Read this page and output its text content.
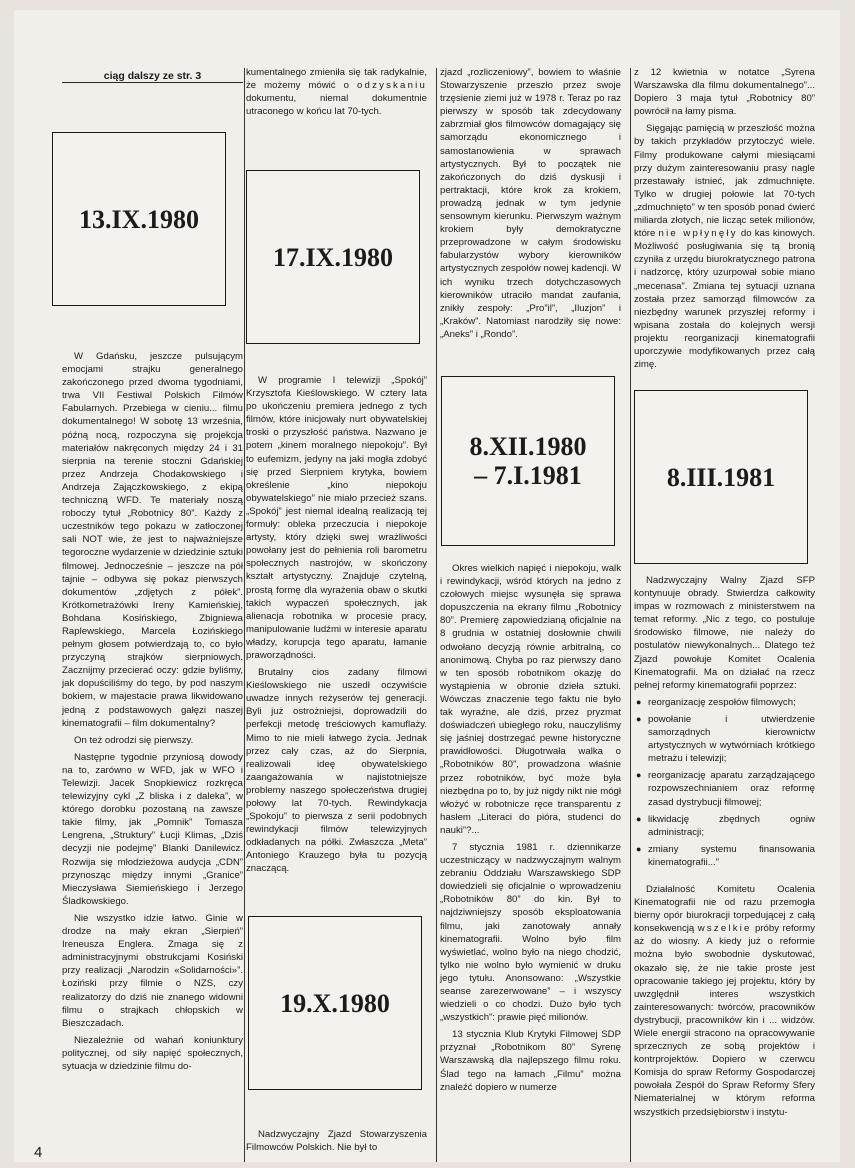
ciąg dalszy ze str. 3
13.IX.1980
17.IX.1980
8.XII.1980
– 7.I.1981	8.III.1981
19.X.1980

W Gdańsku, jeszcze pulsującym emocjami strajku generalnego zakończonego przed dwoma tygodniami, trwa VII Festiwal Polskich Filmów Fabularnych. Przebiega w cieniu... filmu dokumentalnego! W sobotę 13 września, późną nocą, rozpoczyna się projekcja materiałów nakręconych między 24 i 31 sierpnia na terenie stoczni Gdańskiej przez Andrzeja Chodakowskiego i Andrzeja Zajączkowskiego, z ekipą techniczną WFD. Te materiały noszą roboczy tytuł „Robotnicy 80”. Każdy z uczestników tego pokazu w zatłoczonej sali NOT wie, że jest to najważniejsze tegoroczne wydarzenie w dziedzinie sztuki filmowej. Jednocześnie – jeszcze na pół tajnie – odbywa się pokaz pierwszych dokumentów „zdjętych z półek”. Krótkometrażówki Ireny Kamieńskiej, Bohdana Kosińskiego, Zbigniewa Raplewskiego, Marcela Łozińskiego pełnym głosem potwierdzają to, co było przyczyną strajków sierpniowych. Zacznijmy przecierać oczy: gdzie byliśmy, jak dopuściliśmy do tego, by pod naszym bokiem, w majestacie prawa likwidowano jedną z podstawowych gałęzi naszej kinematografii – film dokumentalny?

On też odrodzi się pierwszy.

Następne tygodnie przyniosą dowody na to, zarówno w WFD, jak w WFO i Telewizji. Jacek Snopkiewicz rozkręca telewizyjny cykl „Z bliska i z daleka”, w którego dorobku pozostaną na zawsze takie filmy, jak „Pomnik” Tomasza Lengrena, „Struktury” Łucji Klimas, „Dziś decyzji nie podejmę” Blanki Danilewicz. Rozwija się młodzieżowa audycja „CDN” przynosząc między innymi „Granice” Mieczysława Siemieńskiego i Jerzego Śladkowskiego.

Nie wszystko idzie łatwo. Ginie w drodze na mały ekran „Sierpień” Ireneusza Englera. Zmaga się z administracyjnymi obstrukcjami Kosiński przy realizacji „Narodzin «Solidarności»”. Łoziński przy filmie o NZS, czy realizatorzy do dziś nie znanego widowni filmu o strajkach chłopskich w Bieszczadach.

Niezależnie od wahań koniunktury politycznej, od siły napięć społecznych, sytuacja w dziedzinie filmu do-

kumentalnego zmieniła się tak radykalnie, że możemy mówić o odzyskaniu dokumentu, niemal dokumentnie utraconego w końcu lat 70-tych.

W programie I telewizji „Spokój” Krzysztofa Kieślowskiego. W cztery lata po ukończeniu premiera jednego z tych filmów, które inicjowały nurt obywatelskiej troski o przyszłość państwa. Nazwano je potem „kinem moralnego niepokoju”. Był to eufemizm, jedyny na jaki mogła zdobyć się przed Sierpniem krytyka, bowiem określenie „kino niepokoju obywatelskiego” nie miało przecież szans. „Spokój” jest niemal idealną realizacją tej formuły: obleka przeczucia i niepokoje artysty, który dzięki swej wrażliwości powołany jest do pełnienia roli barometru społecznych nastrojów, w skończony kształt artystyczny. Znajduje czytelną, prostą formę dla wyrażenia obaw o skutki takich wypaczeń społecznych, jak alienacja robotnika w procesie pracy, manipulowanie ludźmi w interesie aparatu władzy, korupcja tego aparatu, łamanie praworządności.

Brutalny cios zadany filmowi Kieślowskiego nie uszedł oczywiście uwadze innych reżyserów tej generacji. Byli już ostrożniejsi, doprowadzili do perfekcji metodę treściowych kamuflaży. Mimo to nie mieli łatwego życia. Jednak przez cały czas, aż do Sierpnia, realizowali ideę obywatelskiego zaangażowania w najistotniejsze problemy naszego społeczeństwa drugiej połowy lat 70-tych. Rewindykacja „Spokoju” to pierwsza z serii podobnych rewindykacji filmów telewizyjnych odkładanych na półki. Zwłaszcza „Meta” Antoniego Krauzego była tu pozycją znaczącą.

Nadzwyczajny Zjazd Stowarzyszenia Filmowców Polskich. Nie był to

zjazd „rozliczeniowy”, bowiem to właśnie Stowarzyszenie przeszło przez swoje trzęsienie ziemi już w 1978 r. Teraz po raz pierwszy w sposób tak zdecydowany zabrzmiał głos filmowców domagający się samorządu ekonomicznego i samostanowienia w sprawach artystycznych. Był to początek nie zakończonych do dziś dyskusji i pertraktacji, które krok za krokiem, prowadzą jednak w tym jedynie sensownym kierunku. Pierwszym ważnym krokiem były demokratyczne przeprowadzone w całym środowisku fabularzystów wybory kierowników artystycznych zespołów nowej kadencji. W ich wyniku trzech dotychczasowych kierowników utraciło mandat zaufania, znikły zespoły: „Pro”il”, „Iluzjon” i „Kraków”. Natomiast narodziły się nowe: „Aneks” i „Rondo”.

Okres wielkich napięć i niepokoju, walk i rewindykacji, wśród których na jedno z czołowych miejsc wysunęła się sprawa dopuszczenia na ekrany filmu „Robotnicy 80”. Premierę zapowiedzianą oficjalnie na 8 grudnia w ostatniej dosłownie chwili odwołano decyzją równie arbitralną, co anonimową. Chyba po raz pierwszy dano w ten sposób robotnikom okazję do wystąpienia w obronie dzieła sztuki. Wówczas znaczenie tego faktu nie było tak wyraźne, ale dziś, przez pryzmat doświadczeń ubiegłego roku, nauczyliśmy się jaśniej dostrzegać pewne historyczne prawidłowości. Długotrwała walka o „Robotników 80”, prowadzona właśnie przez robotników, być może była niezbędna po to, by już nigdy nikt nie mógł włożyć w robotnicze ręce transparentu z hasłem „Literaci do pióra, studenci do nauki”?...

7 stycznia 1981 r. dziennikarze uczestniczący w nadzwyczajnym walnym zebraniu Oddziału Warszawskiego SDP dowiedzieli się oficjalnie o wprowadzeniu „Robotników 80” do kin. Był to najdziwniejszy sposób eksploatowania filmu, jaki zanotowały annały kinematografii. Wolno było film wyświetlać, wolno było na niego chodzić, tylko nie wolno było wymienić w druku jego tytułu. Anonsowano: „Wszystkie seanse zarezerwowane” – i wszyscy wiedzieli o co chodzi. Dużo było tych „wszystkich”: prawie pięć milionów.

13 stycznia Klub Krytyki Filmowej SDP przyznał „Robotnikom 80” Syrenę Warszawską dla najlepszego filmu roku. Ślad tego na łamach „Filmu” można znaleźć dopiero w numerze

z 12 kwietnia w notatce „Syrena Warszawska dla filmu dokumentalnego”... Dopiero 3 maja tytuł „Robotnicy 80” powrócił na łamy pisma.

Sięgając pamięcią w przeszłość można by takich przykładów przytoczyć wiele. Filmy produkowane całymi miesiącami przy dużym zainteresowaniu prasy nagle przestawały istnieć, jak zdmuchnięte. Tylko w drugiej połowie lat 70-tych „zdmuchnięto” w ten sposób ponad ćwierć miliarda złotych, nie licząc setek milionów, które nie wpłynęły do kas kinowych. Możliwość posługiwania się tą bronią czyniła z urzędu biurokratycznego patrona i nadzorcę, który uzurpował sobie miano „mecenasa”. Zmiana tej sytuacji uznana została przez samorząd filmowców za niezbędny warunek przyszłej reformy i wpisana została do kolejnych wersji projektu reorganizacji kinematografii uporczywie modyfikowanych przez całą zimę.

Nadzwyczajny Walny Zjazd SFP kontynuuje obrady. Stwierdza całkowity impas w rozmowach z ministerstwem na temat reformy. „Nic z tego, co postuluje środowisko filmowe, nie należy do postulatów niewykonalnych... Dlatego też Zjazd powołuje Komitet Ocalenia Kinematografii. Ma on działać na rzecz pełnej reformy kinematografii poprzez:

● reorganizację zespołów filmowych;

● powołanie i utwierdzenie samorządnych kierownictw artystycznych w wytwórniach krótkiego metrażu i telewizji;

● reorganizację aparatu zarządzającego rozpowszechnianiem oraz reformę zasad dystrybucji filmowej;

● likwidację zbędnych ogniw administracji;

● zmiany systemu finansowania kinematografii...”

Działalność Komitetu Ocalenia Kinematografii nie od razu przemogła bierny opór biurokracji torpedującej z całą konsekwencją wszelkie próby reformy aż do wiosny. A kiedy już o reformie można było swobodnie dyskutować, okazało się, że nie takie proste jest opracowanie takiego jej projektu, który by uwzględnił interes wszystkich zainteresowanych: twórców, pracowników dystrybucji, pracowników kin i ... widzów. Wiele energii stracono na opracowywanie sprzecznych ze sobą projektów i kontrprojektów. Dopiero w czerwcu Komisja do spraw Reformy Gospodarczej powołała Zespół do Spraw Reformy Sfery Niematerialnej w którym reforma wszystkich przedsiębiorstw i instytu-

4
